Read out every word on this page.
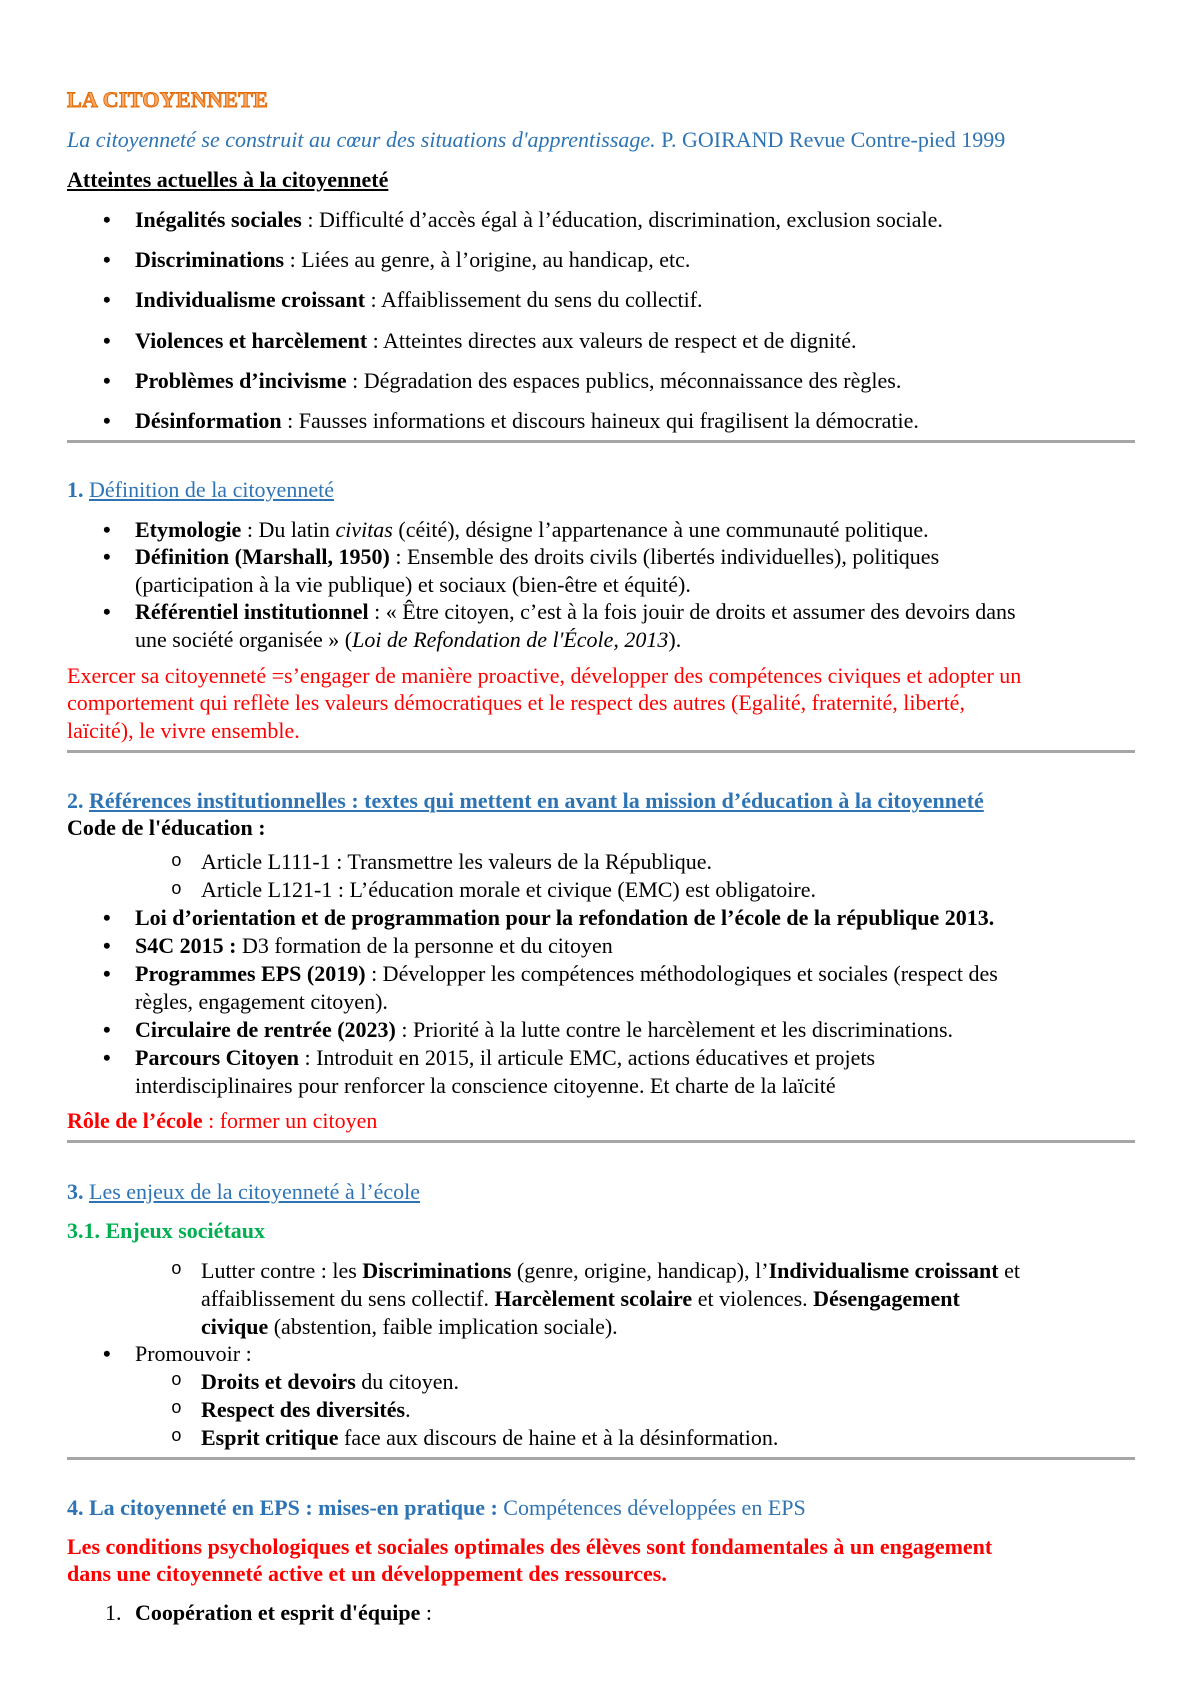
LA CITOYENNETE

La citoyenneté se construit au cœur des situations d'apprentissage. P. GOIRAND Revue Contre-pied 1999

Atteintes actuelles à la citoyenneté

• Inégalités sociales : Difficulté d’accès égal à l’éducation, discrimination, exclusion sociale.
• Discriminations : Liées au genre, à l’origine, au handicap, etc.
• Individualisme croissant : Affaiblissement du sens du collectif.
• Violences et harcèlement : Atteintes directes aux valeurs de respect et de dignité.
• Problèmes d’incivisme : Dégradation des espaces publics, méconnaissance des règles.
• Désinformation : Fausses informations et discours haineux qui fragilisent la démocratie.
1. Définition de la citoyenneté
• Etymologie : Du latin civitas (céité), désigne l’appartenance à une communauté politique.
• Définition (Marshall, 1950) : Ensemble des droits civils (libertés individuelles), politiques
(participation à la vie publique) et sociaux (bien-être et équité).
• Référentiel institutionnel : « Être citoyen, c’est à la fois jouir de droits et assumer des devoirs dans
une société organisée » (Loi de Refondation de l'École, 2013).

Exercer sa citoyenneté =s’engager de manière proactive, développer des compétences civiques et adopter un
comportement qui reflète les valeurs démocratiques et le respect des autres (Egalité, fraternité, liberté,
laïcité), le vivre ensemble.

2. Références institutionnelles : textes qui mettent en avant la mission d’éducation à la citoyenneté

Code de l'éducation :

o Article L111-1 : Transmettre les valeurs de la République.
o Article L121-1 : L’éducation morale et civique (EMC) est obligatoire.
• Loi d’orientation et de programmation pour la refondation de l’école de la république 2013.
• S4C 2015 : D3 formation de la personne et du citoyen
• Programmes EPS (2019) : Développer les compétences méthodologiques et sociales (respect des
règles, engagement citoyen).
• Circulaire de rentrée (2023) : Priorité à la lutte contre le harcèlement et les discriminations.
• Parcours Citoyen : Introduit en 2015, il articule EMC, actions éducatives et projets
interdisciplinaires pour renforcer la conscience citoyenne. Et charte de la laïcité

Rôle de l’école : former un citoyen

3. Les enjeux de la citoyenneté à l’école
3.1. Enjeux sociétaux
o Lutter contre : les Discriminations (genre, origine, handicap), l’Individualisme croissant et
affaiblissement du sens collectif. Harcèlement scolaire et violences. Désengagement
civique (abstention, faible implication sociale).
• Promouvoir :
o Droits et devoirs du citoyen.
o Respect des diversités.
o Esprit critique face aux discours de haine et à la désinformation.
4. La citoyenneté en EPS : mises-en pratique : Compétences développées en EPS

Les conditions psychologiques et sociales optimales des élèves sont fondamentales à un engagement
dans une citoyenneté active et un développement des ressources.

1. Coopération et esprit d'équipe :
